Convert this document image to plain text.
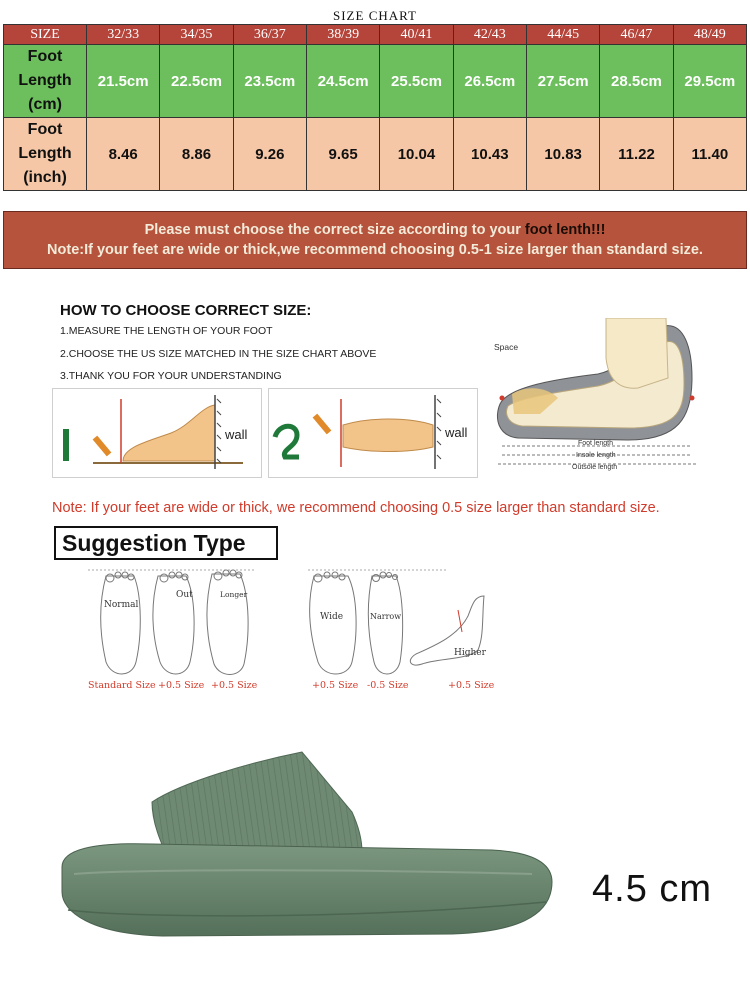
SIZE CHART
SIZE	32/33	34/35	36/37	38/39	40/41	42/43	44/45	46/47	48/49

Foot
Length
(cm)	21.5cm	22.5cm	23.5cm	24.5cm	25.5cm	26.5cm	27.5cm	28.5cm	29.5cm

Foot
Length
(inch)	8.46	8.86	9.26	9.65	10.04	10.43	10.83	11.22	11.40
Please must choose the correct size according to your foot lenth!!!
Note:If your feet are wide or thick,we recommend choosing 0.5-1 size larger than standard size.
HOW TO CHOOSE CORRECT SIZE:
1.MEASURE THE LENGTH OF YOUR FOOT
2.CHOOSE THE US SIZE MATCHED IN THE SIZE CHART ABOVE
3.THANK YOU FOR YOUR UNDERSTANDING
wall	wall
Space
Foot length
Insole length
Outsole length
Note: If your feet are wide or thick, we recommend choosing 0.5 size larger than standard size.
Suggestion Type
Normal
Out	Longer
Wide	Narrow
Higher
Standard Size +0.5 Size +0.5 Size	+0.5 Size -0.5 Size	+0.5 Size
4.5 cm
